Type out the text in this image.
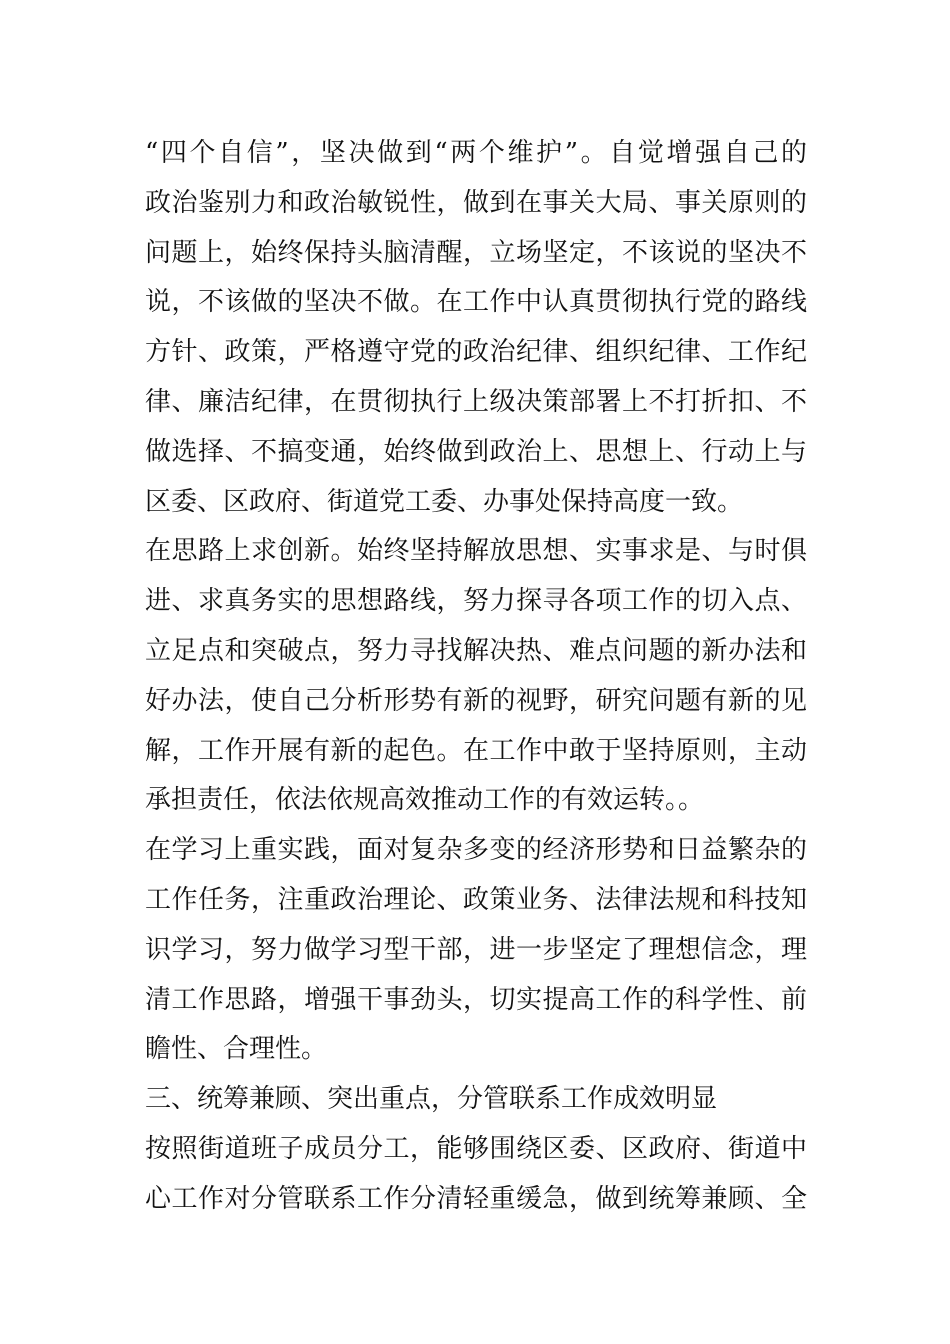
“四个自信”，坚决做到“两个维护”。自觉增强自己的
政治鉴别力和政治敏锐性，做到在事关大局、事关原则的
问题上，始终保持头脑清醒，立场坚定，不该说的坚决不
说，不该做的坚决不做。在工作中认真贯彻执行党的路线
方针、政策，严格遵守党的政治纪律、组织纪律、工作纪
律、廉洁纪律，在贯彻执行上级决策部署上不打折扣、不
做选择、不搞变通，始终做到政治上、思想上、行动上与
区委、区政府、街道党工委、办事处保持高度一致。
在思路上求创新。始终坚持解放思想、实事求是、与时俱
进、求真务实的思想路线，努力探寻各项工作的切入点、
立足点和突破点，努力寻找解决热、难点问题的新办法和
好办法，使自己分析形势有新的视野，研究问题有新的见
解，工作开展有新的起色。在工作中敢于坚持原则，主动
承担责任，依法依规高效推动工作的有效运转。。
在学习上重实践，面对复杂多变的经济形势和日益繁杂的
工作任务，注重政治理论、政策业务、法律法规和科技知
识学习，努力做学习型干部，进一步坚定了理想信念，理
清工作思路，增强干事劲头，切实提高工作的科学性、前
瞻性、合理性。
三、统筹兼顾、突出重点，分管联系工作成效明显
按照街道班子成员分工，能够围绕区委、区政府、街道中
心工作对分管联系工作分清轻重缓急，做到统筹兼顾、全
